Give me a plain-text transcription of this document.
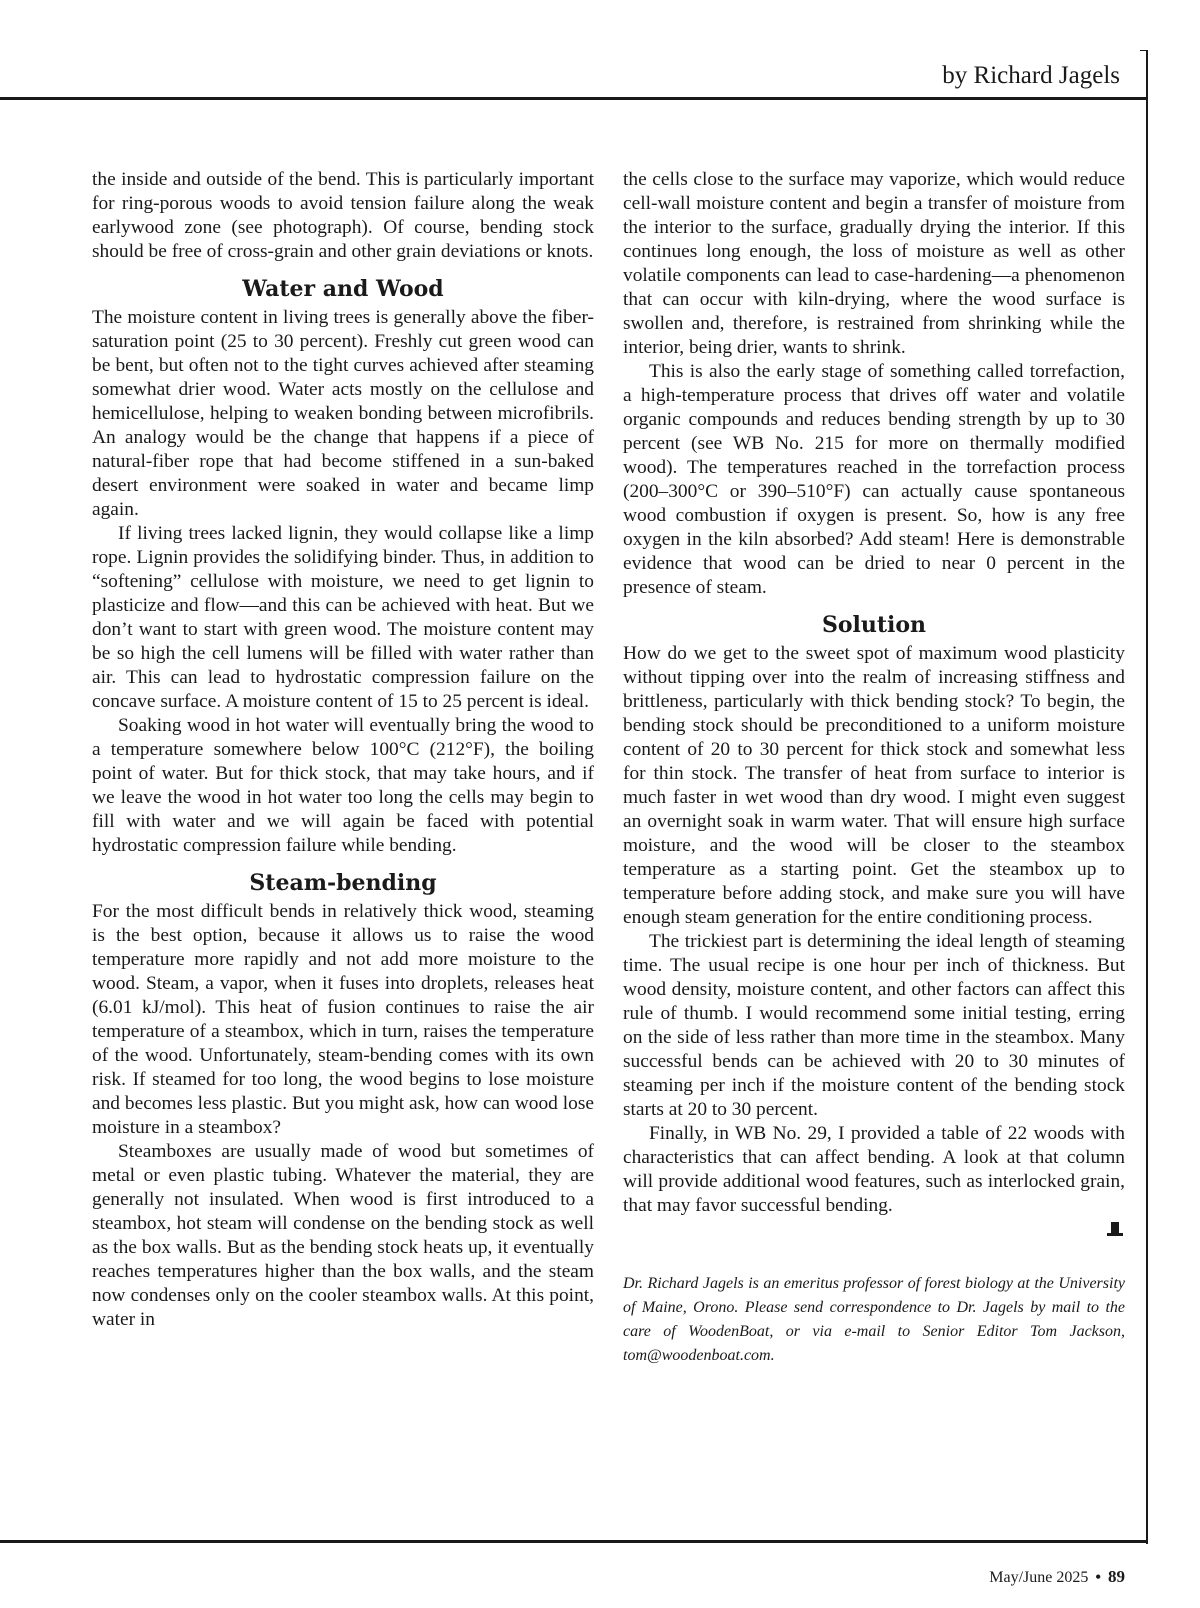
by Richard Jagels

the inside and outside of the bend. This is particularly important for ring-porous woods to avoid tension failure along the weak earlywood zone (see photograph). Of course, bending stock should be free of cross-grain and other grain deviations or knots.

Water and Wood

The moisture content in living trees is generally above the fiber-saturation point (25 to 30 percent). Freshly cut green wood can be bent, but often not to the tight curves achieved after steaming somewhat drier wood. Water acts mostly on the cellulose and hemicellulose, helping to weaken bonding between microfibrils. An analogy would be the change that happens if a piece of natural-fiber rope that had become stiffened in a sun-baked desert environment were soaked in water and became limp again.

If living trees lacked lignin, they would collapse like a limp rope. Lignin provides the solidifying binder. Thus, in addition to “softening” cellulose with moisture, we need to get lignin to plasticize and flow—and this can be achieved with heat. But we don’t want to start with green wood. The moisture content may be so high the cell lumens will be filled with water rather than air. This can lead to hydrostatic compression failure on the concave surface. A moisture content of 15 to 25 percent is ideal.

Soaking wood in hot water will eventually bring the wood to a temperature somewhere below 100°C (212°F), the boiling point of water. But for thick stock, that may take hours, and if we leave the wood in hot water too long the cells may begin to fill with water and we will again be faced with potential hydrostatic compression failure while bending.

Steam-bending

For the most difficult bends in relatively thick wood, steaming is the best option, because it allows us to raise the wood temperature more rapidly and not add more moisture to the wood. Steam, a vapor, when it fuses into droplets, releases heat (6.01 kJ/mol). This heat of fusion continues to raise the air temperature of a steambox, which in turn, raises the temperature of the wood. Unfortunately, steam-bending comes with its own risk. If steamed for too long, the wood begins to lose moisture and becomes less plastic. But you might ask, how can wood lose moisture in a steambox?

Steamboxes are usually made of wood but sometimes of metal or even plastic tubing. Whatever the material, they are generally not insulated. When wood is first introduced to a steambox, hot steam will condense on the bending stock as well as the box walls. But as the bending stock heats up, it eventually reaches temperatures higher than the box walls, and the steam now condenses only on the cooler steambox walls. At this point, water in

the cells close to the surface may vaporize, which would reduce cell-wall moisture content and begin a transfer of moisture from the interior to the surface, gradually drying the interior. If this continues long enough, the loss of moisture as well as other volatile components can lead to case-hardening—a phenomenon that can occur with kiln-drying, where the wood surface is swollen and, therefore, is restrained from shrinking while the interior, being drier, wants to shrink.

This is also the early stage of something called torrefaction, a high-temperature process that drives off water and volatile organic compounds and reduces bending strength by up to 30 percent (see WB No. 215 for more on thermally modified wood). The temperatures reached in the torrefaction process (200–300°C or 390–510°F) can actually cause spontaneous wood combustion if oxygen is present. So, how is any free oxygen in the kiln absorbed? Add steam! Here is demonstrable evidence that wood can be dried to near 0 percent in the presence of steam.

Solution

How do we get to the sweet spot of maximum wood plasticity without tipping over into the realm of increasing stiffness and brittleness, particularly with thick bending stock? To begin, the bending stock should be preconditioned to a uniform moisture content of 20 to 30 percent for thick stock and somewhat less for thin stock. The transfer of heat from surface to interior is much faster in wet wood than dry wood. I might even suggest an overnight soak in warm water. That will ensure high surface moisture, and the wood will be closer to the steambox temperature as a starting point. Get the steambox up to temperature before adding stock, and make sure you will have enough steam generation for the entire conditioning process.

The trickiest part is determining the ideal length of steaming time. The usual recipe is one hour per inch of thickness. But wood density, moisture content, and other factors can affect this rule of thumb. I would recommend some initial testing, erring on the side of less rather than more time in the steambox. Many successful bends can be achieved with 20 to 30 minutes of steaming per inch if the moisture content of the bending stock starts at 20 to 30 percent.

Finally, in WB No. 29, I provided a table of 22 woods with characteristics that can affect bending. A look at that column will provide additional wood features, such as interlocked grain, that may favor successful bending.

Dr. Richard Jagels is an emeritus professor of forest biology at the University of Maine, Orono. Please send correspondence to Dr. Jagels by mail to the care of WoodenBoat, or via e-mail to Senior Editor Tom Jackson, tom@woodenboat.com.
May/June 2025 • 89
